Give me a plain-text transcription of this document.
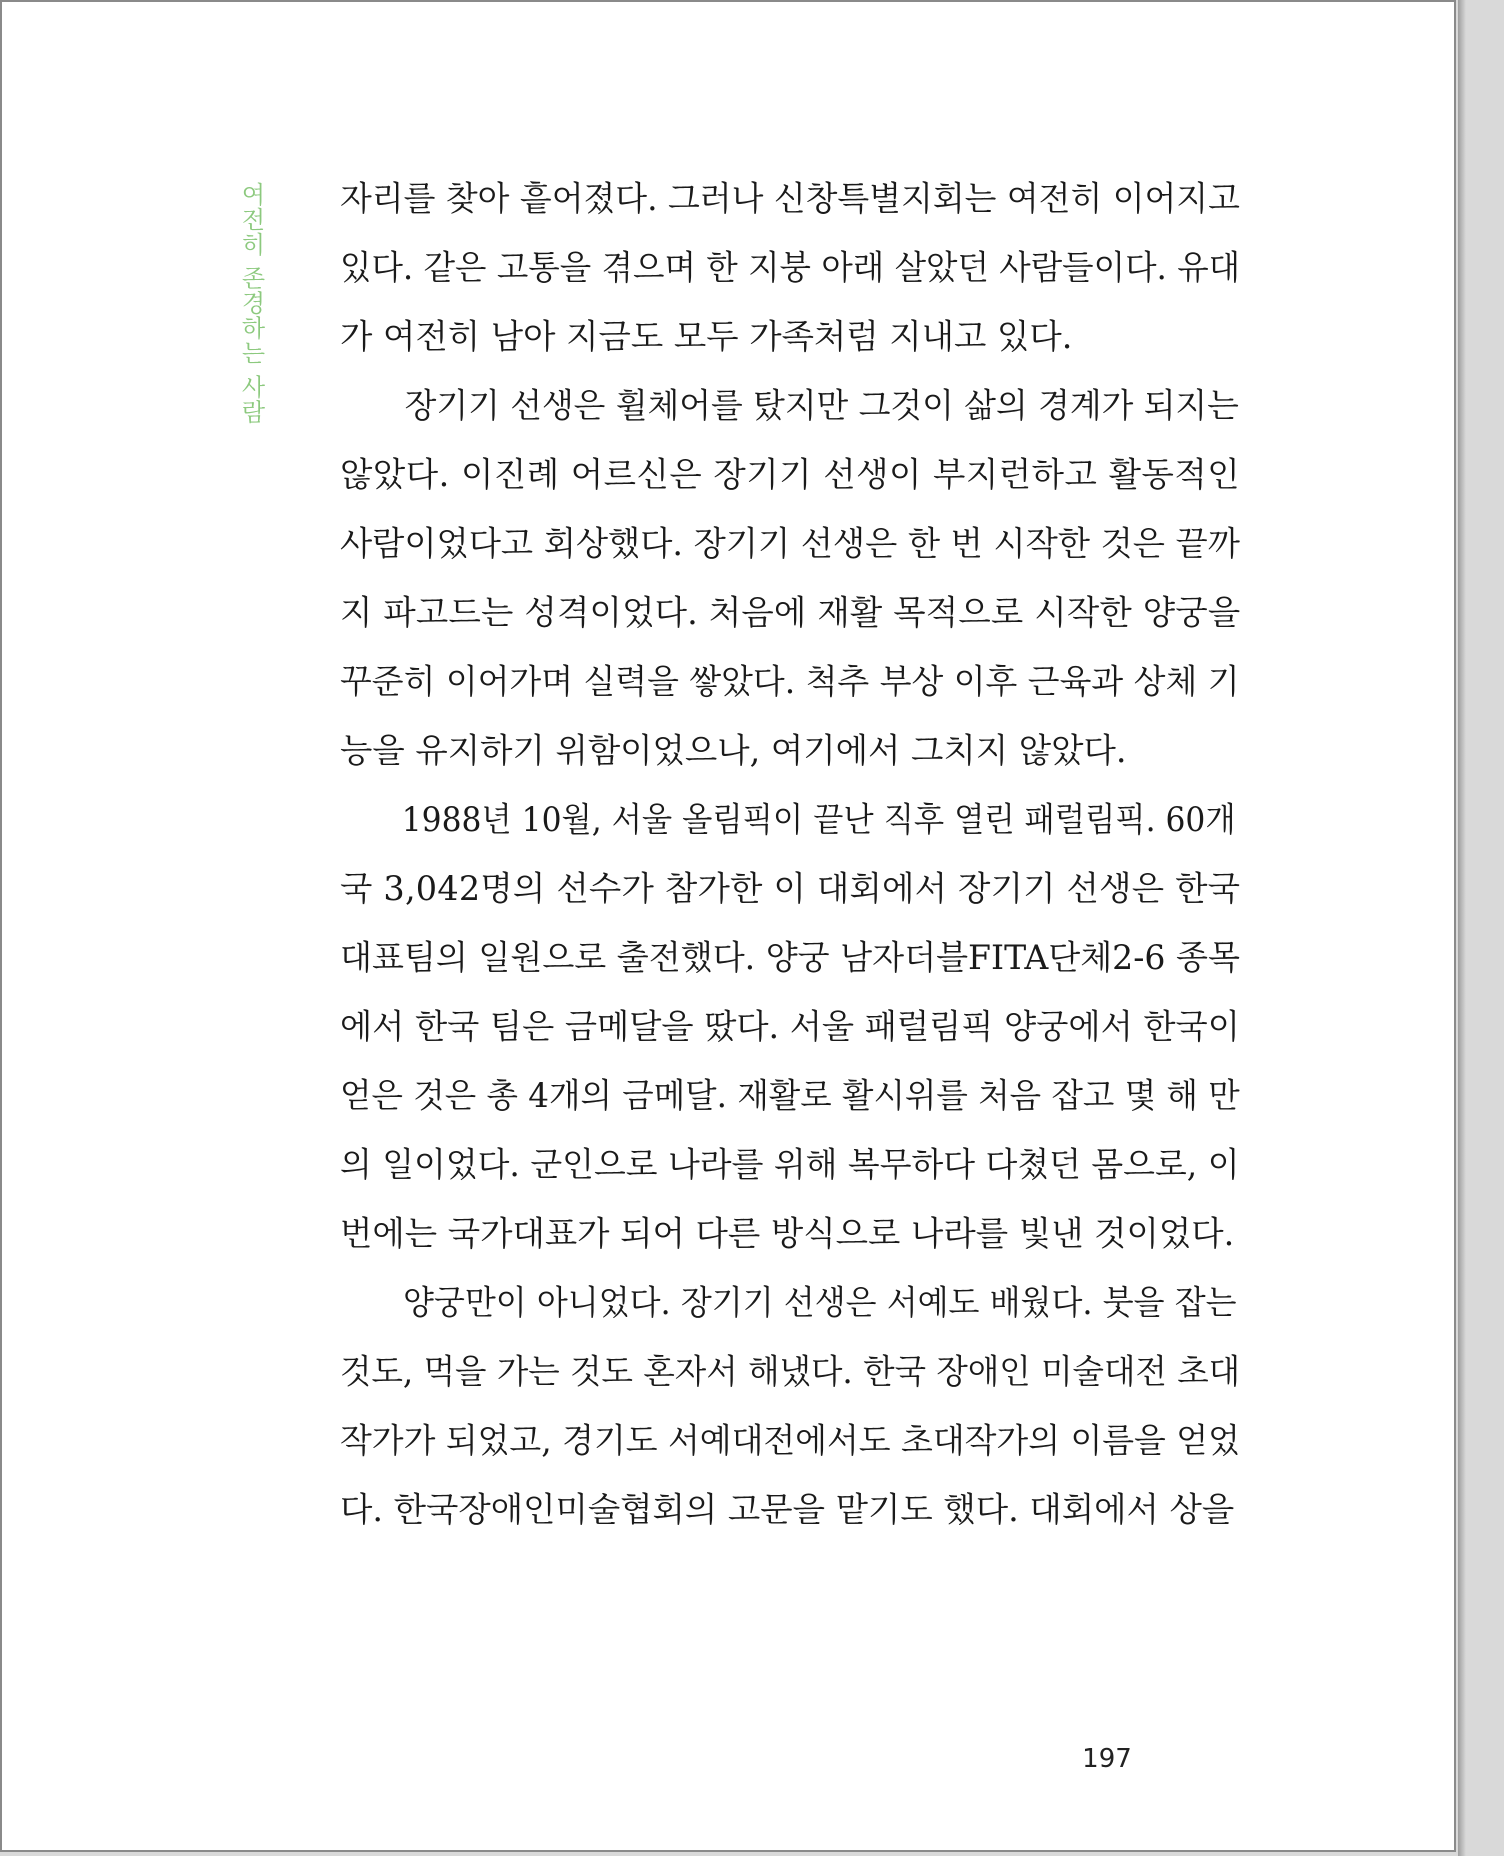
여전히 존경하는 사람 자리를 찾아 흩어졌다. 그러나 신창특별지회는 여전히 이어지고
있다. 같은 고통을 겪으며 한 지붕 아래 살았던 사람들이다. 유대
가 여전히 남아 지금도 모두 가족처럼 지내고 있다.
장기기 선생은 휠체어를 탔지만 그것이 삶의 경계가 되지는
않았다. 이진례 어르신은 장기기 선생이 부지런하고 활동적인
사람이었다고 회상했다. 장기기 선생은 한 번 시작한 것은 끝까
지 파고드는 성격이었다. 처음에 재활 목적으로 시작한 양궁을
꾸준히 이어가며 실력을 쌓았다. 척추 부상 이후 근육과 상체 기
능을 유지하기 위함이었으나, 여기에서 그치지 않았다.
1988년 10월, 서울 올림픽이 끝난 직후 열린 패럴림픽. 60개
국 3,042명의 선수가 참가한 이 대회에서 장기기 선생은 한국
대표팀의 일원으로 출전했다. 양궁 남자더블FITA단체2-6 종목
에서 한국 팀은 금메달을 땄다. 서울 패럴림픽 양궁에서 한국이
얻은 것은 총 4개의 금메달. 재활로 활시위를 처음 잡고 몇 해 만
의 일이었다. 군인으로 나라를 위해 복무하다 다쳤던 몸으로, 이
번에는 국가대표가 되어 다른 방식으로 나라를 빛낸 것이었다.
양궁만이 아니었다. 장기기 선생은 서예도 배웠다. 붓을 잡는
것도, 먹을 가는 것도 혼자서 해냈다. 한국 장애인 미술대전 초대
작가가 되었고, 경기도 서예대전에서도 초대작가의 이름을 얻었
다. 한국장애인미술협회의 고문을 맡기도 했다. 대회에서 상을
197
